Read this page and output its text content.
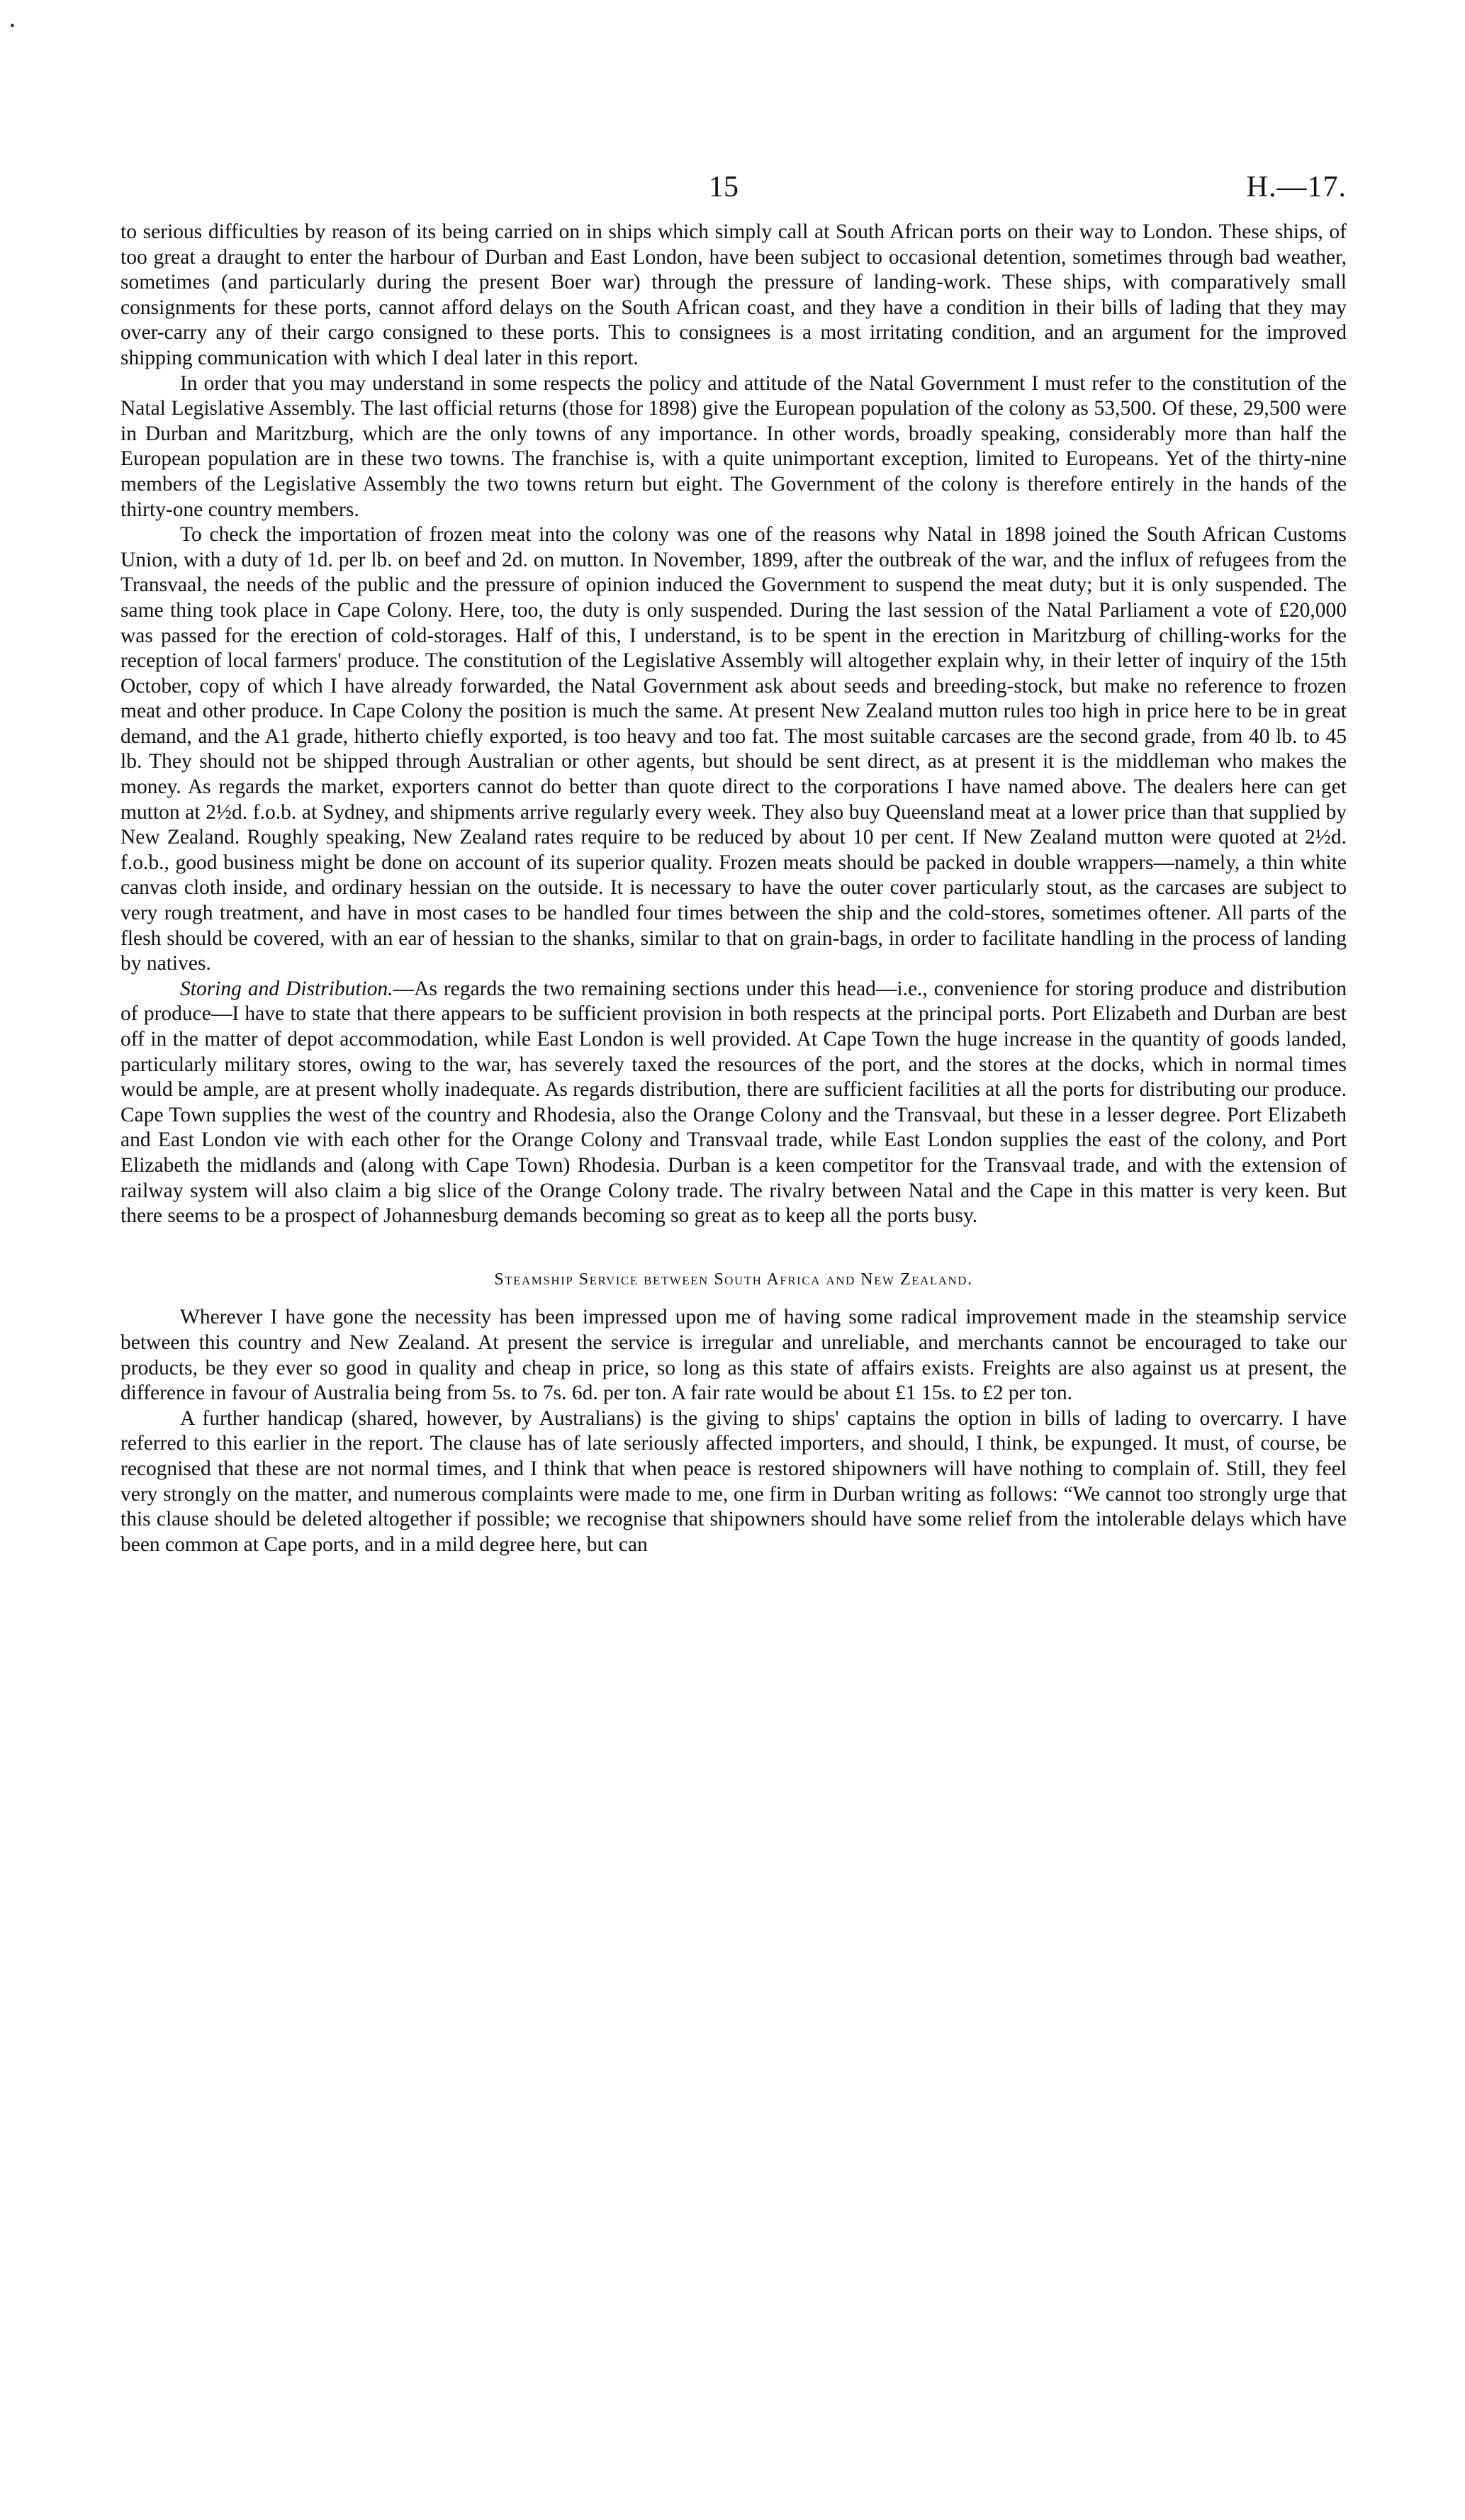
15	H.—17.

to serious difficulties by reason of its being carried on in ships which simply call at South African ports on their way to London. These ships, of too great a draught to enter the harbour of Durban and East London, have been subject to occasional detention, sometimes through bad weather, sometimes (and particularly during the present Boer war) through the pressure of landing-work. These ships, with comparatively small consignments for these ports, cannot afford delays on the South African coast, and they have a condition in their bills of lading that they may over-carry any of their cargo consigned to these ports. This to consignees is a most irritating condition, and an argument for the improved shipping communication with which I deal later in this report.

In order that you may understand in some respects the policy and attitude of the Natal Government I must refer to the constitution of the Natal Legislative Assembly. The last official returns (those for 1898) give the European population of the colony as 53,500. Of these, 29,500 were in Durban and Maritzburg, which are the only towns of any importance. In other words, broadly speaking, considerably more than half the European population are in these two towns. The franchise is, with a quite unimportant exception, limited to Europeans. Yet of the thirty-nine members of the Legislative Assembly the two towns return but eight. The Government of the colony is therefore entirely in the hands of the thirty-one country members.

To check the importation of frozen meat into the colony was one of the reasons why Natal in 1898 joined the South African Customs Union, with a duty of 1d. per lb. on beef and 2d. on mutton. In November, 1899, after the outbreak of the war, and the influx of refugees from the Transvaal, the needs of the public and the pressure of opinion induced the Government to suspend the meat duty; but it is only suspended. The same thing took place in Cape Colony. Here, too, the duty is only suspended. During the last session of the Natal Parliament a vote of £20,000 was passed for the erection of cold-storages. Half of this, I understand, is to be spent in the erection in Maritzburg of chilling-works for the reception of local farmers' produce. The constitution of the Legislative Assembly will altogether explain why, in their letter of inquiry of the 15th October, copy of which I have already forwarded, the Natal Government ask about seeds and breeding-stock, but make no reference to frozen meat and other produce. In Cape Colony the position is much the same. At present New Zealand mutton rules too high in price here to be in great demand, and the A1 grade, hitherto chiefly exported, is too heavy and too fat. The most suitable carcases are the second grade, from 40 lb. to 45 lb. They should not be shipped through Australian or other agents, but should be sent direct, as at present it is the middleman who makes the money. As regards the market, exporters cannot do better than quote direct to the corporations I have named above. The dealers here can get mutton at 2½d. f.o.b. at Sydney, and shipments arrive regularly every week. They also buy Queensland meat at a lower price than that supplied by New Zealand. Roughly speaking, New Zealand rates require to be reduced by about 10 per cent. If New Zealand mutton were quoted at 2½d. f.o.b., good business might be done on account of its superior quality. Frozen meats should be packed in double wrappers—namely, a thin white canvas cloth inside, and ordinary hessian on the outside. It is necessary to have the outer cover particularly stout, as the carcases are subject to very rough treatment, and have in most cases to be handled four times between the ship and the cold-stores, sometimes oftener. All parts of the flesh should be covered, with an ear of hessian to the shanks, similar to that on grain-bags, in order to facilitate handling in the process of landing by natives.

Storing and Distribution.—As regards the two remaining sections under this head—i.e., convenience for storing produce and distribution of produce—I have to state that there appears to be sufficient provision in both respects at the principal ports. Port Elizabeth and Durban are best off in the matter of depot accommodation, while East London is well provided. At Cape Town the huge increase in the quantity of goods landed, particularly military stores, owing to the war, has severely taxed the resources of the port, and the stores at the docks, which in normal times would be ample, are at present wholly inadequate. As regards distribution, there are sufficient facilities at all the ports for distributing our produce. Cape Town supplies the west of the country and Rhodesia, also the Orange Colony and the Transvaal, but these in a lesser degree. Port Elizabeth and East London vie with each other for the Orange Colony and Transvaal trade, while East London supplies the east of the colony, and Port Elizabeth the midlands and (along with Cape Town) Rhodesia. Durban is a keen competitor for the Transvaal trade, and with the extension of railway system will also claim a big slice of the Orange Colony trade. The rivalry between Natal and the Cape in this matter is very keen. But there seems to be a prospect of Johannesburg demands becoming so great as to keep all the ports busy.

Steamship Service between South Africa and New Zealand.

Wherever I have gone the necessity has been impressed upon me of having some radical improvement made in the steamship service between this country and New Zealand. At present the service is irregular and unreliable, and merchants cannot be encouraged to take our products, be they ever so good in quality and cheap in price, so long as this state of affairs exists. Freights are also against us at present, the difference in favour of Australia being from 5s. to 7s. 6d. per ton. A fair rate would be about £1 15s. to £2 per ton.

A further handicap (shared, however, by Australians) is the giving to ships' captains the option in bills of lading to overcarry. I have referred to this earlier in the report. The clause has of late seriously affected importers, and should, I think, be expunged. It must, of course, be recognised that these are not normal times, and I think that when peace is restored shipowners will have nothing to complain of. Still, they feel very strongly on the matter, and numerous complaints were made to me, one firm in Durban writing as follows: “We cannot too strongly urge that this clause should be deleted altogether if possible; we recognise that shipowners should have some relief from the intolerable delays which have been common at Cape ports, and in a mild degree here, but can

•
